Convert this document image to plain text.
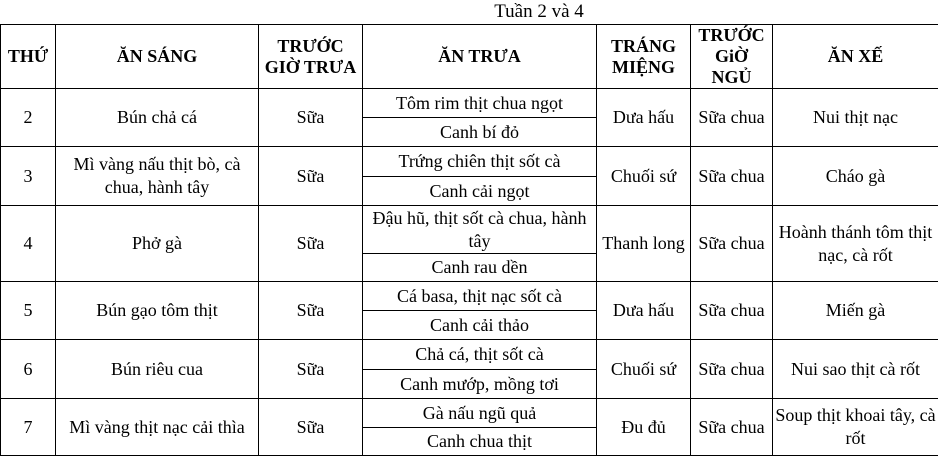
Tuần 2 và 4
THỨ	ĂN SÁNG	TRƯỚC GIỜ TRƯA	ĂN TRƯA	TRÁNG MIỆNG	TRƯỚC GiỜ NGỦ	ĂN XẾ
2	Bún chả cá	Sữa	Tôm rim thịt chua ngọt	Dưa hấu	Sữa chua	Nui thịt nạc
			Canh bí đỏ			
3	Mì vàng nấu thịt bò, cà chua, hành tây	Sữa	Trứng chiên thịt sốt cà	Chuối sứ	Sữa chua	Cháo gà
			Canh cải ngọt			
4	Phở gà	Sữa	Đậu hũ, thịt sốt cà chua, hành tây	Thanh long	Sữa chua	Hoành thánh tôm thịt nạc, cà rốt
			Canh rau dền			
5	Bún gạo tôm thịt	Sữa	Cá basa, thịt nạc sốt cà	Dưa hấu	Sữa chua	Miến gà
			Canh cải thảo			
6	Bún riêu cua	Sữa	Chả cá, thịt sốt cà	Chuối sứ	Sữa chua	Nui sao thịt cà rốt
			Canh mướp, mồng tơi			
7	Mì vàng thịt nạc cải thìa	Sữa	Gà nấu ngũ quả	Đu đủ	Sữa chua	Soup thịt khoai tây, cà rốt
			Canh chua thịt			
